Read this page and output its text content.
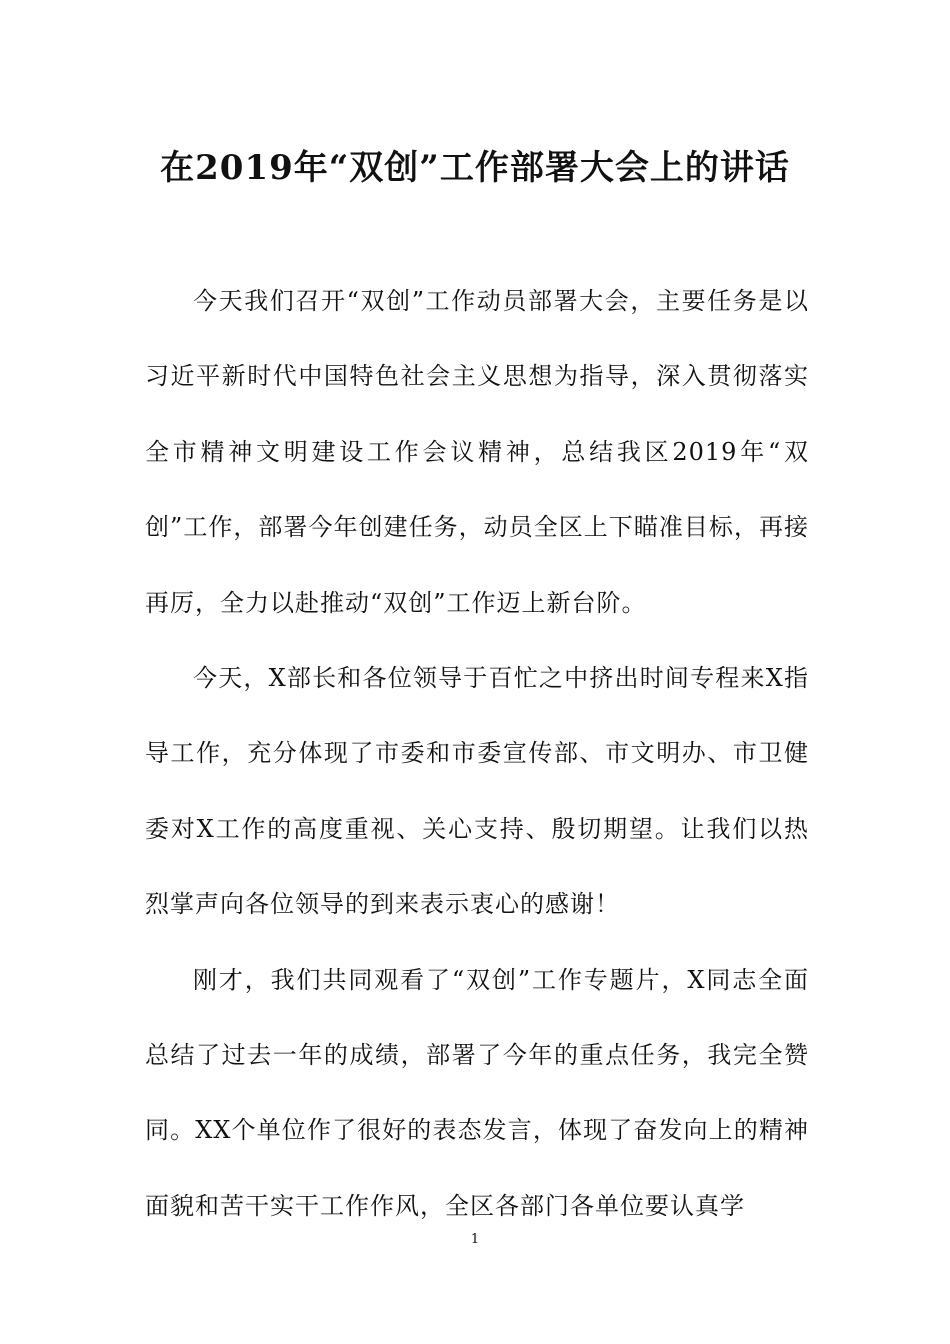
在2019年“双创”工作部署大会上的讲话

今天我们召开“双创”工作动员部署大会，主要任务是以习近平新时代中国特色社会主义思想为指导，深入贯彻落实全市精神文明建设工作会议精神，总结我区2019年“双创”工作，部署今年创建任务，动员全区上下瞄准目标，再接再厉，全力以赴推动“双创”工作迈上新台阶。

今天，X部长和各位领导于百忙之中挤出时间专程来X指导工作，充分体现了市委和市委宣传部、市文明办、市卫健委对X工作的高度重视、关心支持、殷切期望。让我们以热烈掌声向各位领导的到来表示衷心的感谢！

刚才，我们共同观看了“双创”工作专题片，X同志全面总结了过去一年的成绩，部署了今年的重点任务，我完全赞同。XX个单位作了很好的表态发言，体现了奋发向上的精神面貌和苦干实干工作作风，全区各部门各单位要认真学

1
